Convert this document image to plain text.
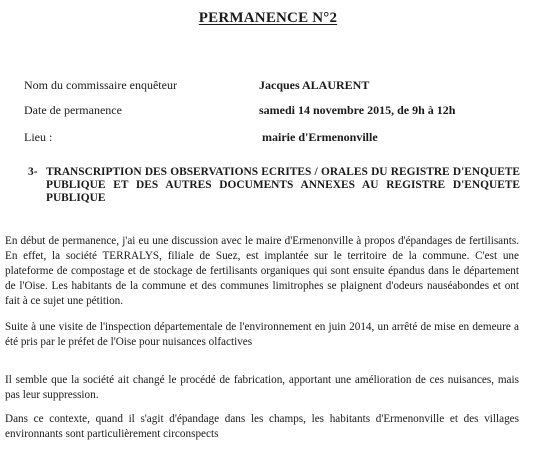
PERMANENCE N°2
Nom du commissaire enquêteur	Jacques ALAURENT
Date de permanence	samedi 14 novembre 2015, de 9h à 12h
Lieu :	mairie d'Ermenonville
3- TRANSCRIPTION DES OBSERVATIONS ECRITES / ORALES DU REGISTRE D'ENQUETE PUBLIQUE ET DES AUTRES DOCUMENTS ANNEXES AU REGISTRE D'ENQUETE PUBLIQUE

En début de permanence, j'ai eu une discussion avec le maire d'Ermenonville à propos d'épandages de fertilisants. En effet, la société TERRALYS, filiale de Suez, est implantée sur le territoire de la commune. C'est une plateforme de compostage et de stockage de fertilisants organiques qui sont ensuite épandus dans le département de l'Oise. Les habitants de la commune et des communes limitrophes se plaignent d'odeurs nauséabondes et ont fait à ce sujet une pétition.

Suite à une visite de l'inspection départementale de l'environnement en juin 2014, un arrêté de mise en demeure a été pris par le préfet de l'Oise pour nuisances olfactives

Il semble que la société ait changé le procédé de fabrication, apportant une amélioration de ces nuisances, mais pas leur suppression.

Dans ce contexte, quand il s'agit d'épandage dans les champs, les habitants d'Ermenonville et des villages environnants sont particulièrement circonspects
